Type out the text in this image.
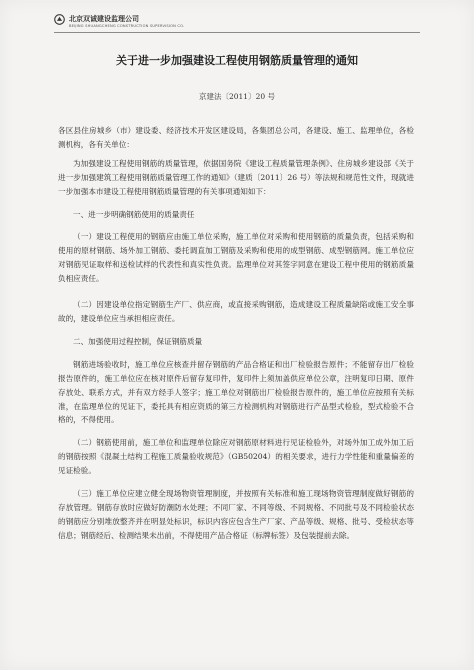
北京双诚建设监理公司
BEIJING SHUANGCHENG CONSTRUCTION SUPERVISION CO.
关于进一步加强建设工程使用钢筋质量管理的通知
京建法〔2011〕20 号

各区县住房城乡（市）建设委、经济技术开发区建设局，各集团总公司，各建设、施工、监理单位，各检测机构，各有关单位：

为加强建设工程使用钢筋的质量管理，依据国务院《建设工程质量管理条例》、住房城乡建设部《关于进一步加强建筑工程使用钢筋质量管理工作的通知》（建质〔2011〕26 号）等法规和规范性文件，现就进一步加强本市建设工程使用钢筋质量管理的有关事项通知如下：

一、进一步明确钢筋使用的质量责任

（一）建设工程使用的钢筋应由施工单位采购，施工单位对采购和使用钢筋的质量负责，包括采购和使用的原材钢筋、场外加工钢筋、委托调直加工钢筋及采购和使用的成型钢筋、成型钢筋网。施工单位应对钢筋见证取样和送检试样的代表性和真实性负责。监理单位对其签字同意在建设工程中使用的钢筋质量负相应责任。

（二）因建设单位指定钢筋生产厂、供应商，或直接采购钢筋，造成建设工程质量缺陷或施工安全事故的，建设单位应当承担相应责任。

二、加强使用过程控制，保证钢筋质量

钢筋进场验收时，施工单位应核查并留存钢筋的产品合格证和出厂检验报告原件；不能留存出厂检验报告原件的，施工单位应在核对原件后留存复印件，复印件上须加盖供应单位公章，注明复印日期、原件存放处、联系方式，并有双方经手人签字；施工单位对钢筋出厂检验报告原件的，施工单位应按照有关标准，在监理单位的见证下，委托具有相应资质的第三方检测机构对钢筋进行产品型式检验，型式检验不合格的，不得使用。

（二）钢筋使用前，施工单位和监理单位除应对钢筋原材料进行见证检验外，对场外加工成外加工后的钢筋按照《混凝土结构工程施工质量验收规范》（GB50204）的相关要求，进行力学性能和重量偏差的见证检验。

（三）施工单位应建立健全现场物资管理制度，并按照有关标准和施工现场物资管理制度做好钢筋的存放管理。钢筋存放时应做好防潮防水处理；不同厂家、不同等级、不同规格、不同批号及不同检验状态的钢筋应分别堆放整齐并在明显处标识，标识内容应包含生产厂家、产品等级、规格、批号、受检状态等信息；钢筋经后、检测结果未出前，不得使用产品合格证（标牌标签）及包装提前去除。
